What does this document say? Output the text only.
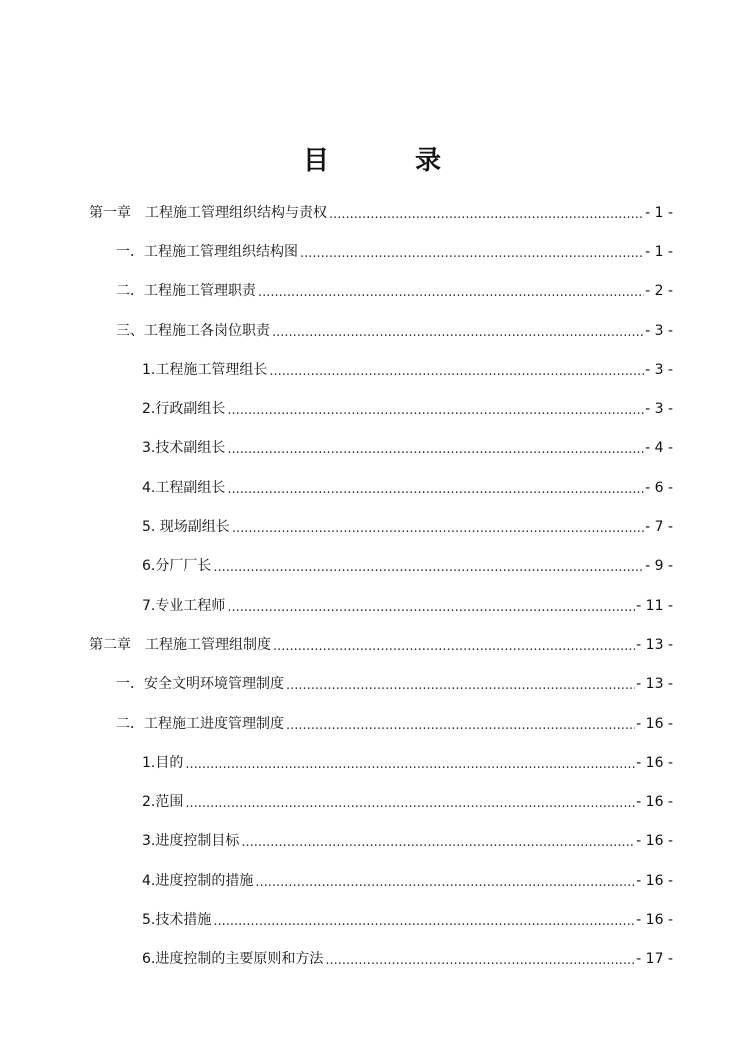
目	录
第一章　工程施工管理组织结构与责权 .....	- 1 -
一．工程施工管理组织结构图 .....	- 1 -
二．工程施工管理职责 .....	- 2 -
三、工程施工各岗位职责 .....	- 3 -
1.工程施工管理组长 .....	- 3 -
2.行政副组长 .....	- 3 -
3.技术副组长 .....	- 4 -
4.工程副组长 .....	- 6 -
5. 现场副组长 .....	- 7 -
6.分厂厂长 .....	- 9 -
7.专业工程师 .....	- 11 -
第二章　工程施工管理组制度 .....	- 13 -
一．安全文明环境管理制度 .....	- 13 -
二．工程施工进度管理制度 .....	- 16 -
1.目的 .....	- 16 -
2.范围 .....	- 16 -
3.进度控制目标 .....	- 16 -
4.进度控制的措施 .....	- 16 -
5.技术措施 .....	- 16 -
6.进度控制的主要原则和方法 .....	- 17 -
